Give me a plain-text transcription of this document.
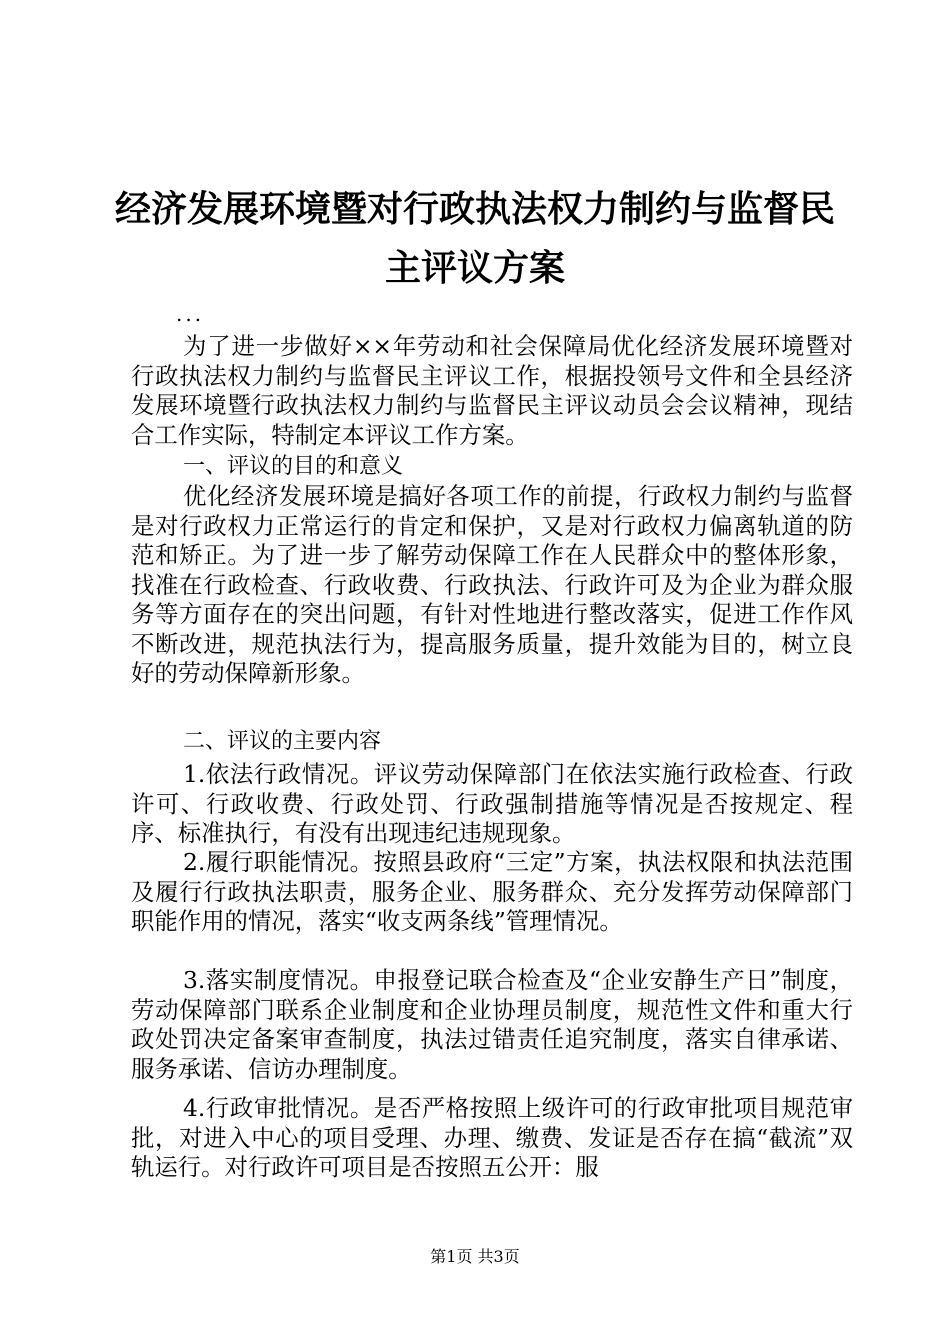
经济发展环境暨对行政执法权力制约与监督民
主评议方案
...

为了进一步做好××年劳动和社会保障局优化经济发展环境暨对行政执法权力制约与监督民主评议工作，根据投领号文件和全县经济发展环境暨行政执法权力制约与监督民主评议动员会会议精神，现结合工作实际，特制定本评议工作方案。

一、评议的目的和意义

优化经济发展环境是搞好各项工作的前提，行政权力制约与监督是对行政权力正常运行的肯定和保护，又是对行政权力偏离轨道的防范和矫正。为了进一步了解劳动保障工作在人民群众中的整体形象，找准在行政检查、行政收费、行政执法、行政许可及为企业为群众服务等方面存在的突出问题，有针对性地进行整改落实，促进工作作风不断改进，规范执法行为，提高服务质量，提升效能为目的，树立良好的劳动保障新形象。

二、评议的主要内容

1.依法行政情况。评议劳动保障部门在依法实施行政检查、行政许可、行政收费、行政处罚、行政强制措施等情况是否按规定、程序、标准执行，有没有出现违纪违规现象。

2.履行职能情况。按照县政府“三定”方案，执法权限和执法范围及履行行政执法职责，服务企业、服务群众、充分发挥劳动保障部门职能作用的情况，落实“收支两条线”管理情况。

3.落实制度情况。申报登记联合检查及“企业安静生产日”制度，劳动保障部门联系企业制度和企业协理员制度，规范性文件和重大行政处罚决定备案审查制度，执法过错责任追究制度，落实自律承诺、服务承诺、信访办理制度。

4.行政审批情况。是否严格按照上级许可的行政审批项目规范审批，对进入中心的项目受理、办理、缴费、发证是否存在搞“截流”双轨运行。对行政许可项目是否按照五公开：服

第1页 共3页
